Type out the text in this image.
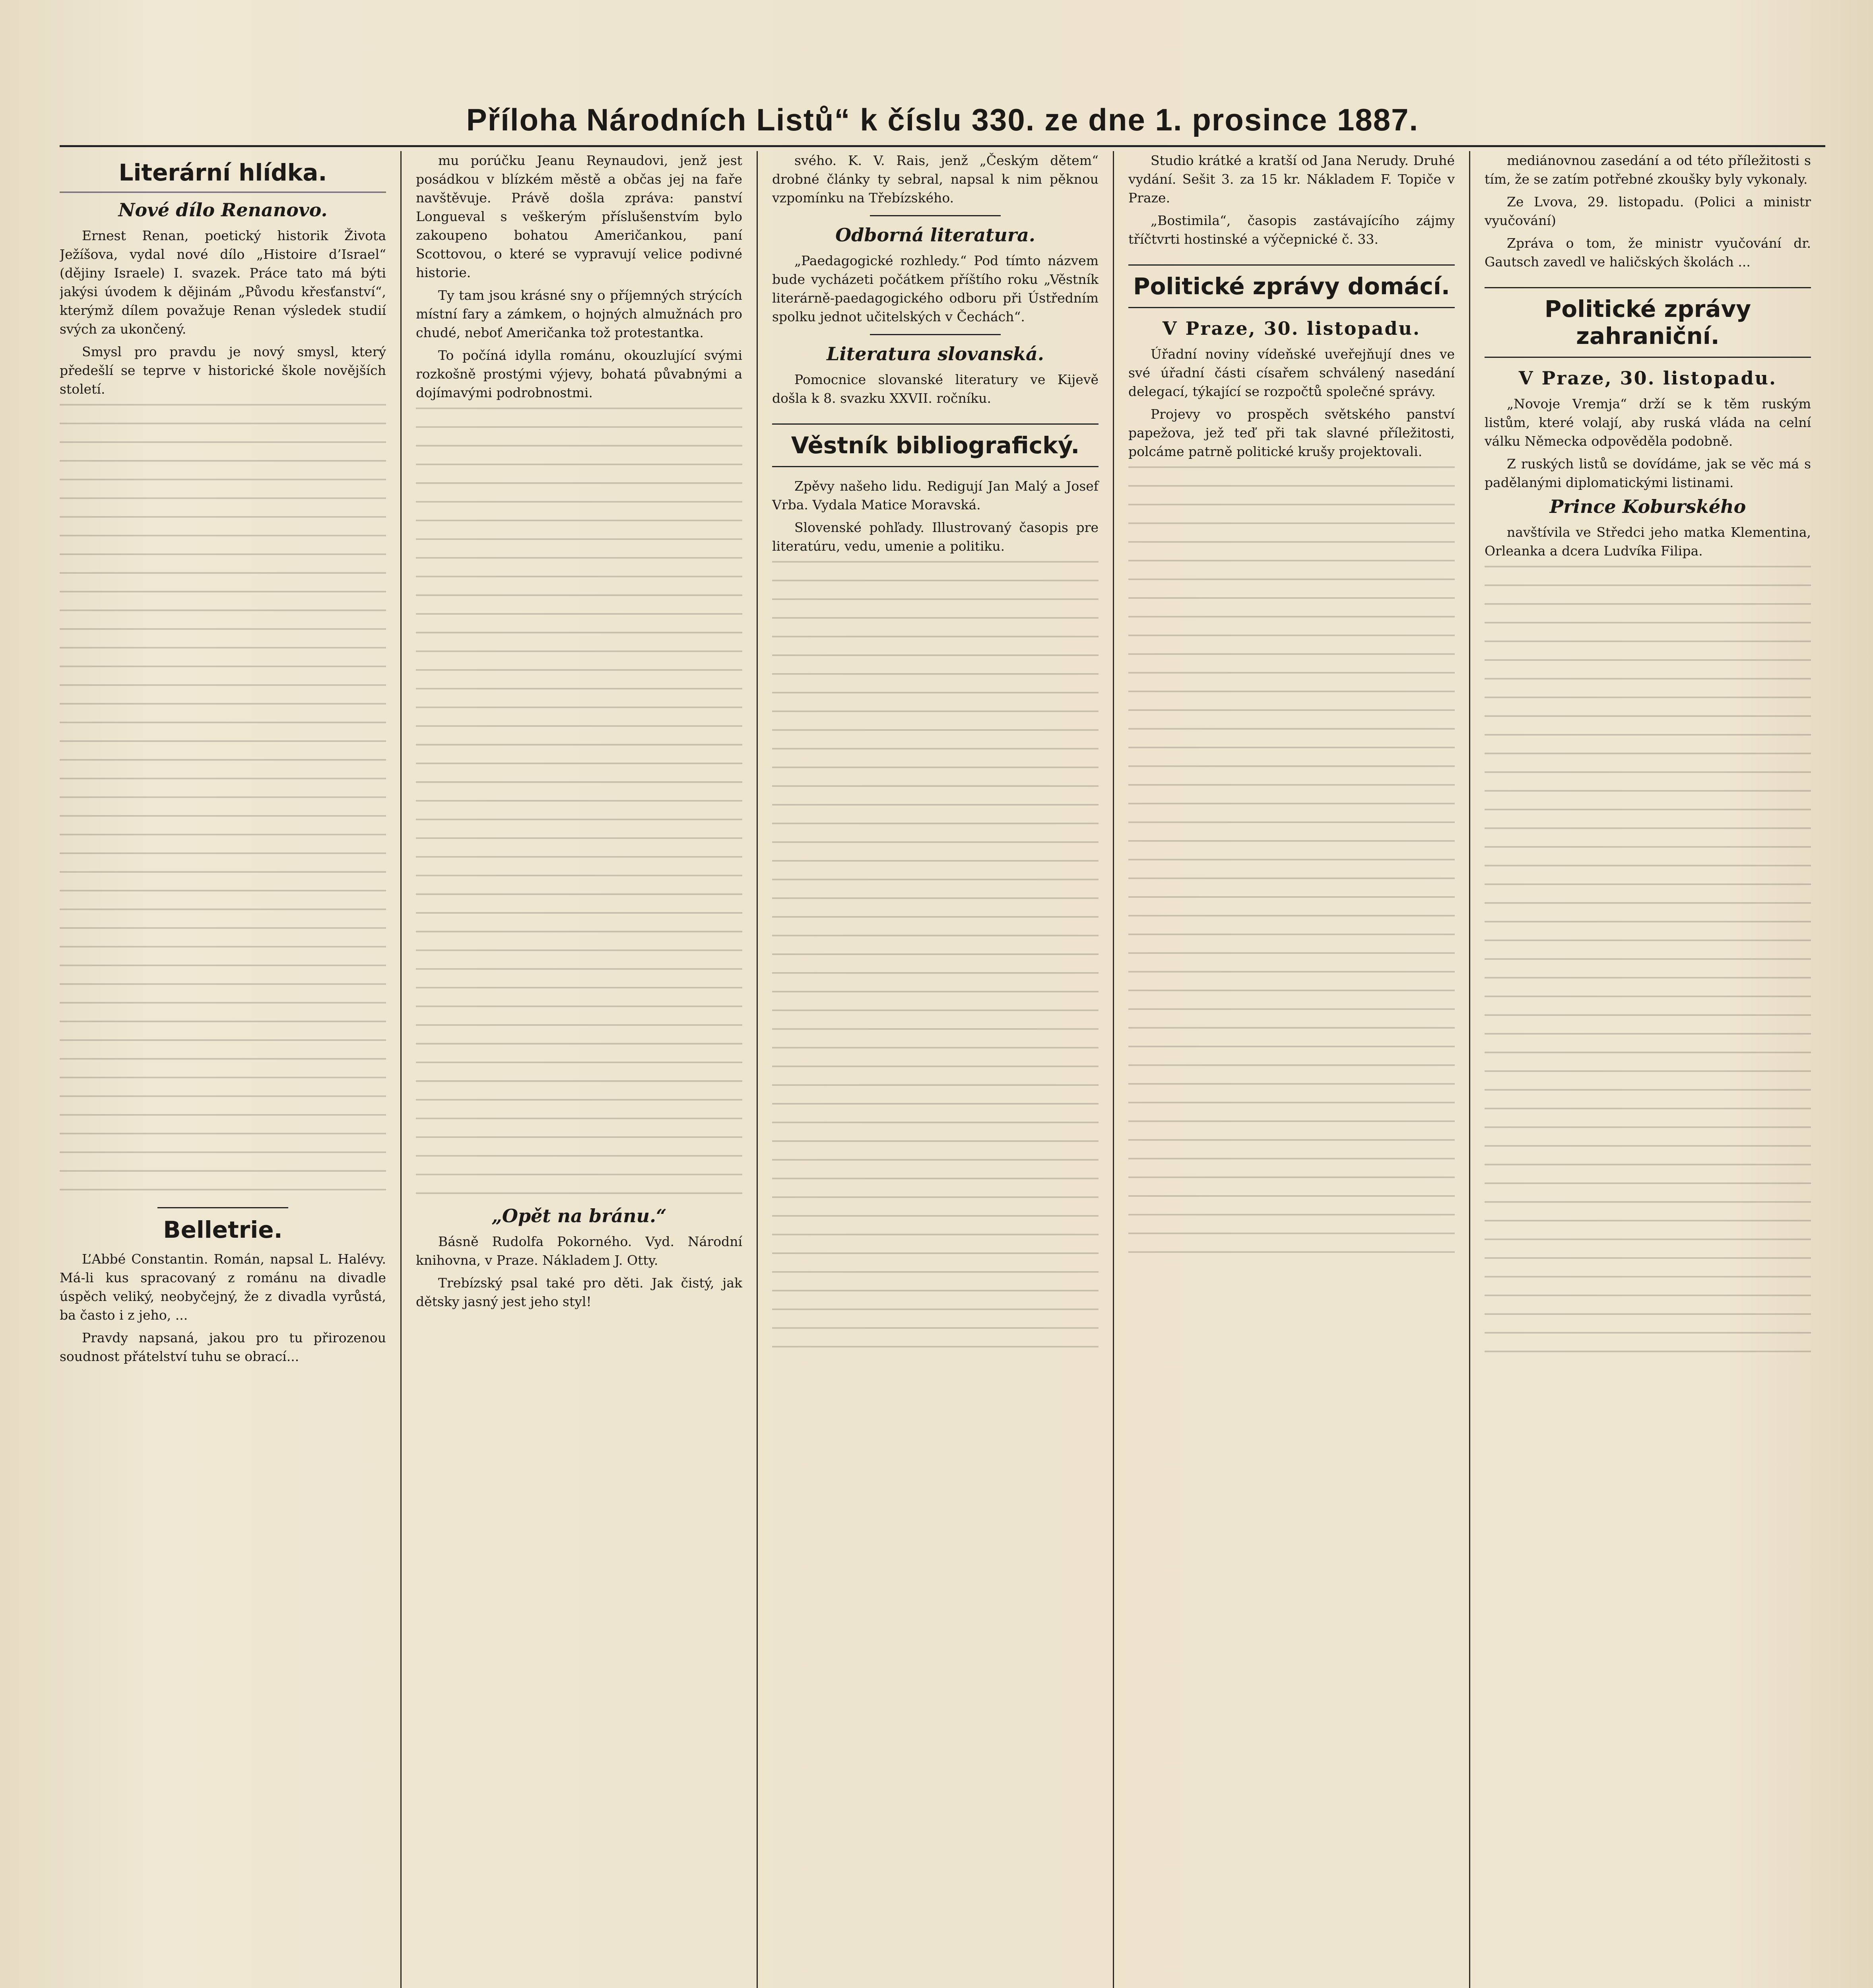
Příloha Národních Listů“ k číslu 330. ze dne 1. prosince 1887.
Literární hlídka.
Nové dílo Renanovo.

Ernest Renan, poetický historik Života Ježíšova, vydal nové dílo „Histoire d’Israel“ (dějiny Israele) I. svazek. Práce tato má býti jakýsi úvodem k dějinám „Původu křesťanství“, kterýmž dílem považuje Renan výsledek studií svých za ukončený.

Smysl pro pravdu je nový smysl, který předešlí se teprve v historické škole novějších století.

Belletrie.

L’Abbé Constantin. Román, napsal L. Halévy. Má-li kus spracovaný z románu na divadle úspěch veliký, neobyčejný, že z divadla vyrůstá, ba často i z jeho, ...

Pravdy napsaná, jakou pro tu přirozenou soudnost přátelství tuhu se obrací...

mu porúčku Jeanu Reynaudovi, jenž jest posádkou v blízkém městě a občas jej na faře navštěvuje. Právě došla zpráva: panství Longueval s veškerým příslušenstvím bylo zakoupeno bohatou Američankou, paní Scottovou, o které se vypravují velice podivné historie.

Ty tam jsou krásné sny o příjemných strýcích místní fary a zámkem, o hojných almužnách pro chudé, neboť Američanka tož protestantka.

To počíná idylla románu, okouzlující svými rozkošně prostými výjevy, bohatá půvabnými a dojímavými podrobnostmi.

„Opět na bránu.“

Básně Rudolfa Pokorného. Vyd. Národní knihovna, v Praze. Nákladem J. Otty.

Trebízský psal také pro děti. Jak čistý, jak dětsky jasný jest jeho styl!

svého. K. V. Rais, jenž „Českým dětem“ drobné články ty sebral, napsal k nim pěknou vzpomínku na Třebízského.

Odborná literatura.

„Paedagogické rozhledy.“ Pod tímto názvem bude vycházeti počátkem příštího roku „Věstník literárně-paedagogického odboru při Ústředním spolku jednot učitelských v Čechách“.

Literatura slovanská.

Pomocnice slovanské literatury ve Kijevě došla k 8. svazku XXVII. ročníku.

Věstník bibliografický.

Zpěvy našeho lidu. Redigují Jan Malý a Josef Vrba. Vydala Matice Moravská.

Slovenské pohľady. Illustrovaný časopis pre literatúru, vedu, umenie a politiku.

Studio krátké a kratší od Jana Nerudy. Druhé vydání. Sešit 3. za 15 kr. Nákladem F. Topiče v Praze.

„Bostimila“, časopis zastávajícího zájmy tříčtvrti hostinské a výčepnické č. 33.

Politické zprávy domácí.
V Praze, 30. listopadu.

Úřadní noviny vídeňské uveřejňují dnes ve své úřadní části císařem schválený nasedání delegací, týkající se rozpočtů společné správy.

Projevy vo prospěch světského panství papežova, jež teď při tak slavné příležitosti, polcáme patrně politické krušy projektovali.

mediánovnou zasedání a od této příležitosti s tím, že se zatím potřebné zkoušky byly vykonaly.

Ze Lvova, 29. listopadu. (Polici a ministr vyučování)

Zpráva o tom, že ministr vyučování dr. Gautsch zavedl ve haličských školách ...

Politické zprávy zahraniční.
V Praze, 30. listopadu.

„Novoje Vremja“ drží se k těm ruským listům, které volají, aby ruská vláda na celní válku Německa odpověděla podobně.

Z ruských listů se dovídáme, jak se věc má s padělanými diplomatickými listinami.

Prince Koburského

navštívila ve Středci jeho matka Klementina, Orleanka a dcera Ludvíka Filipa.
